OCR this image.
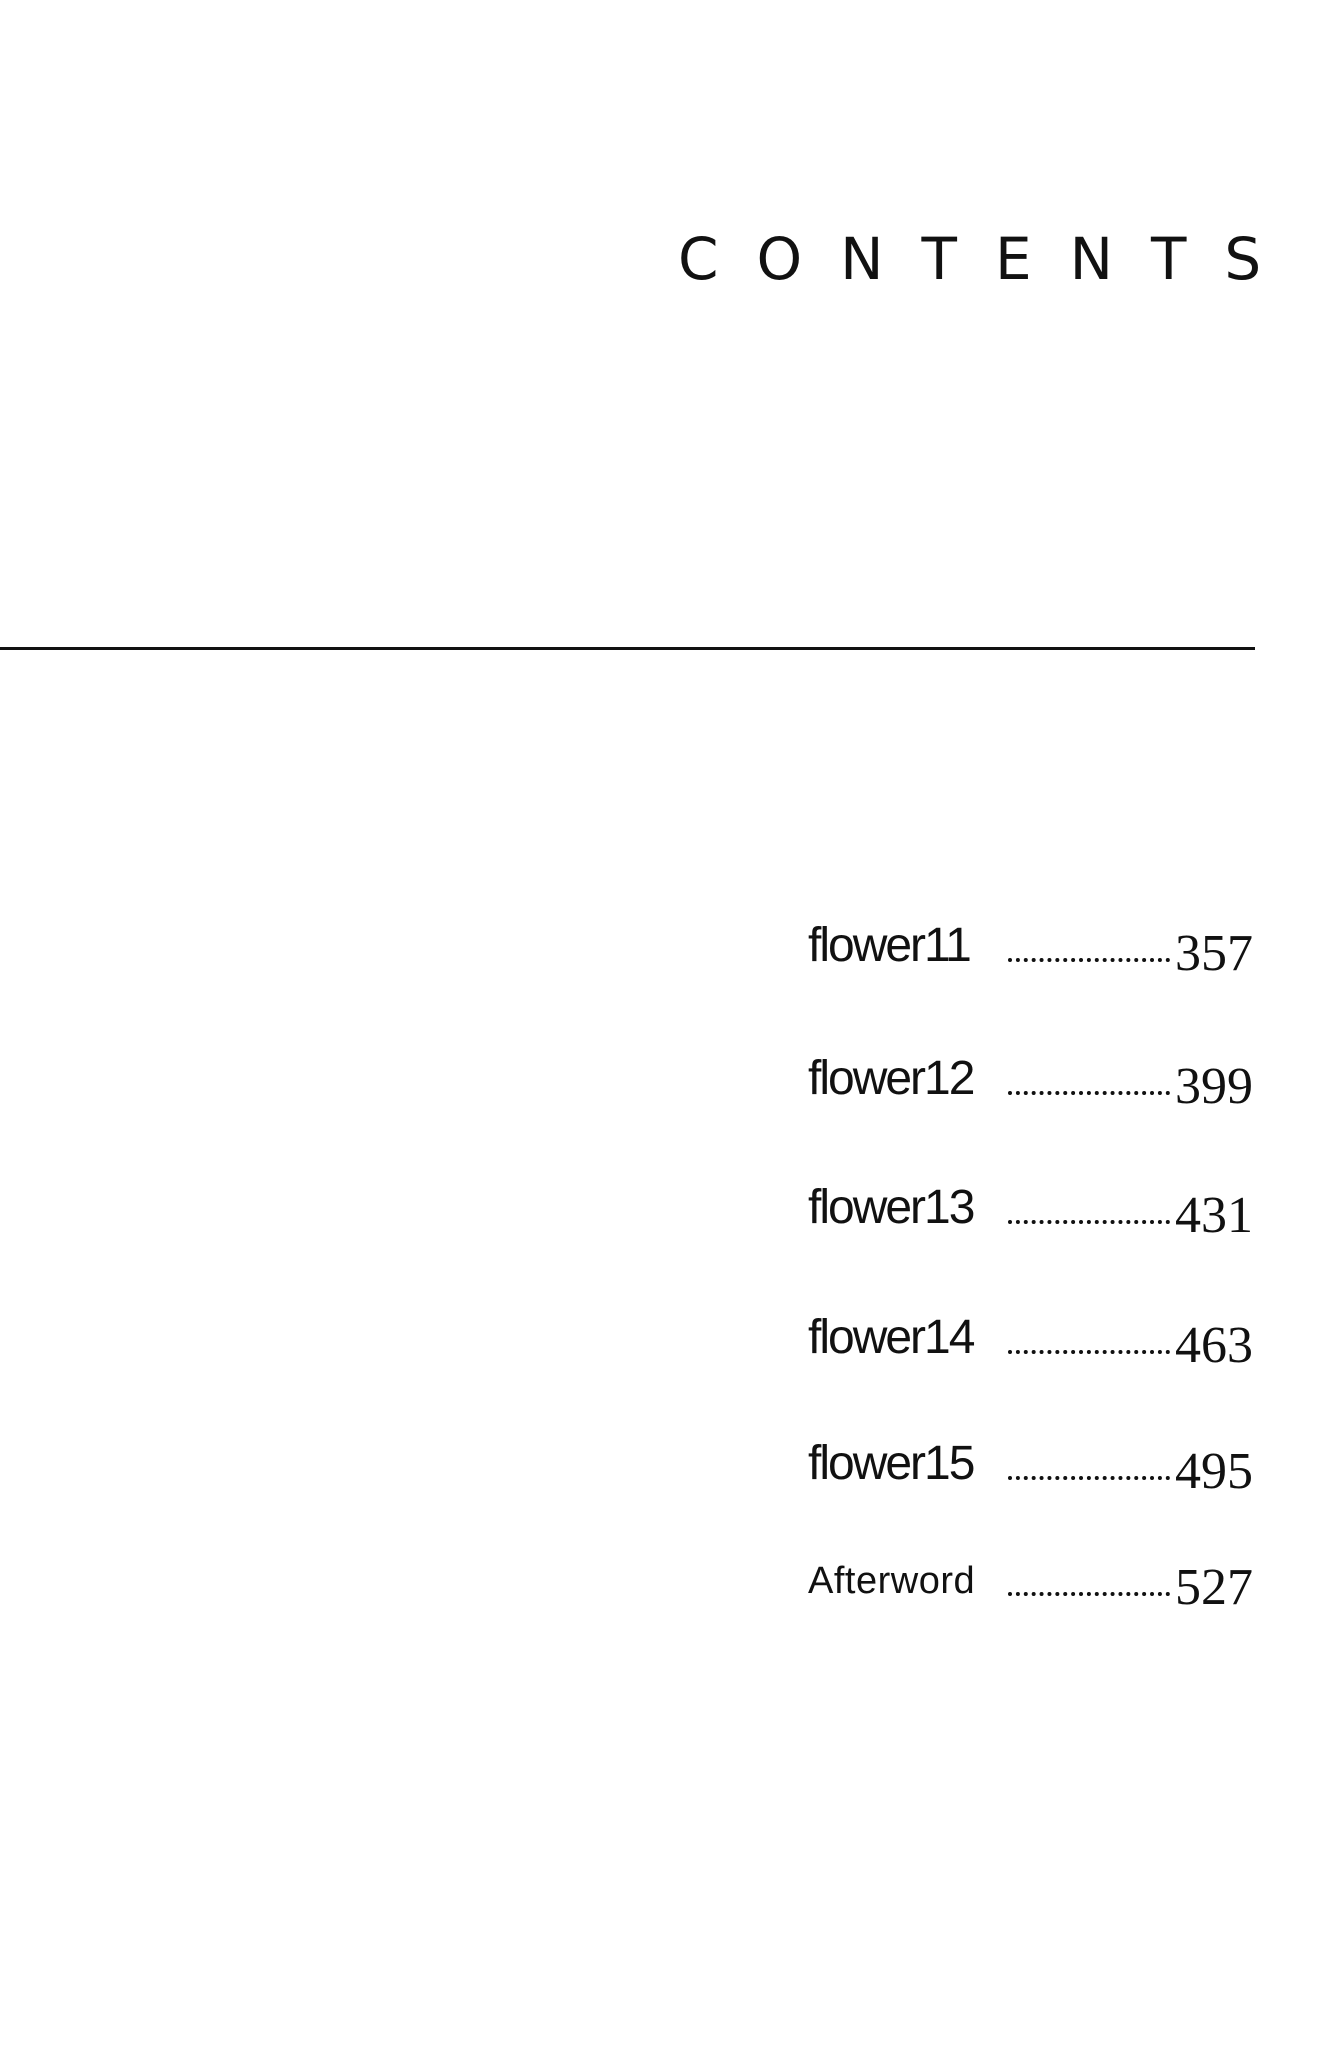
CONTENTS
flower11	357
flower12	399
flower13	431
flower14	463
flower15	495
Afterword	527
